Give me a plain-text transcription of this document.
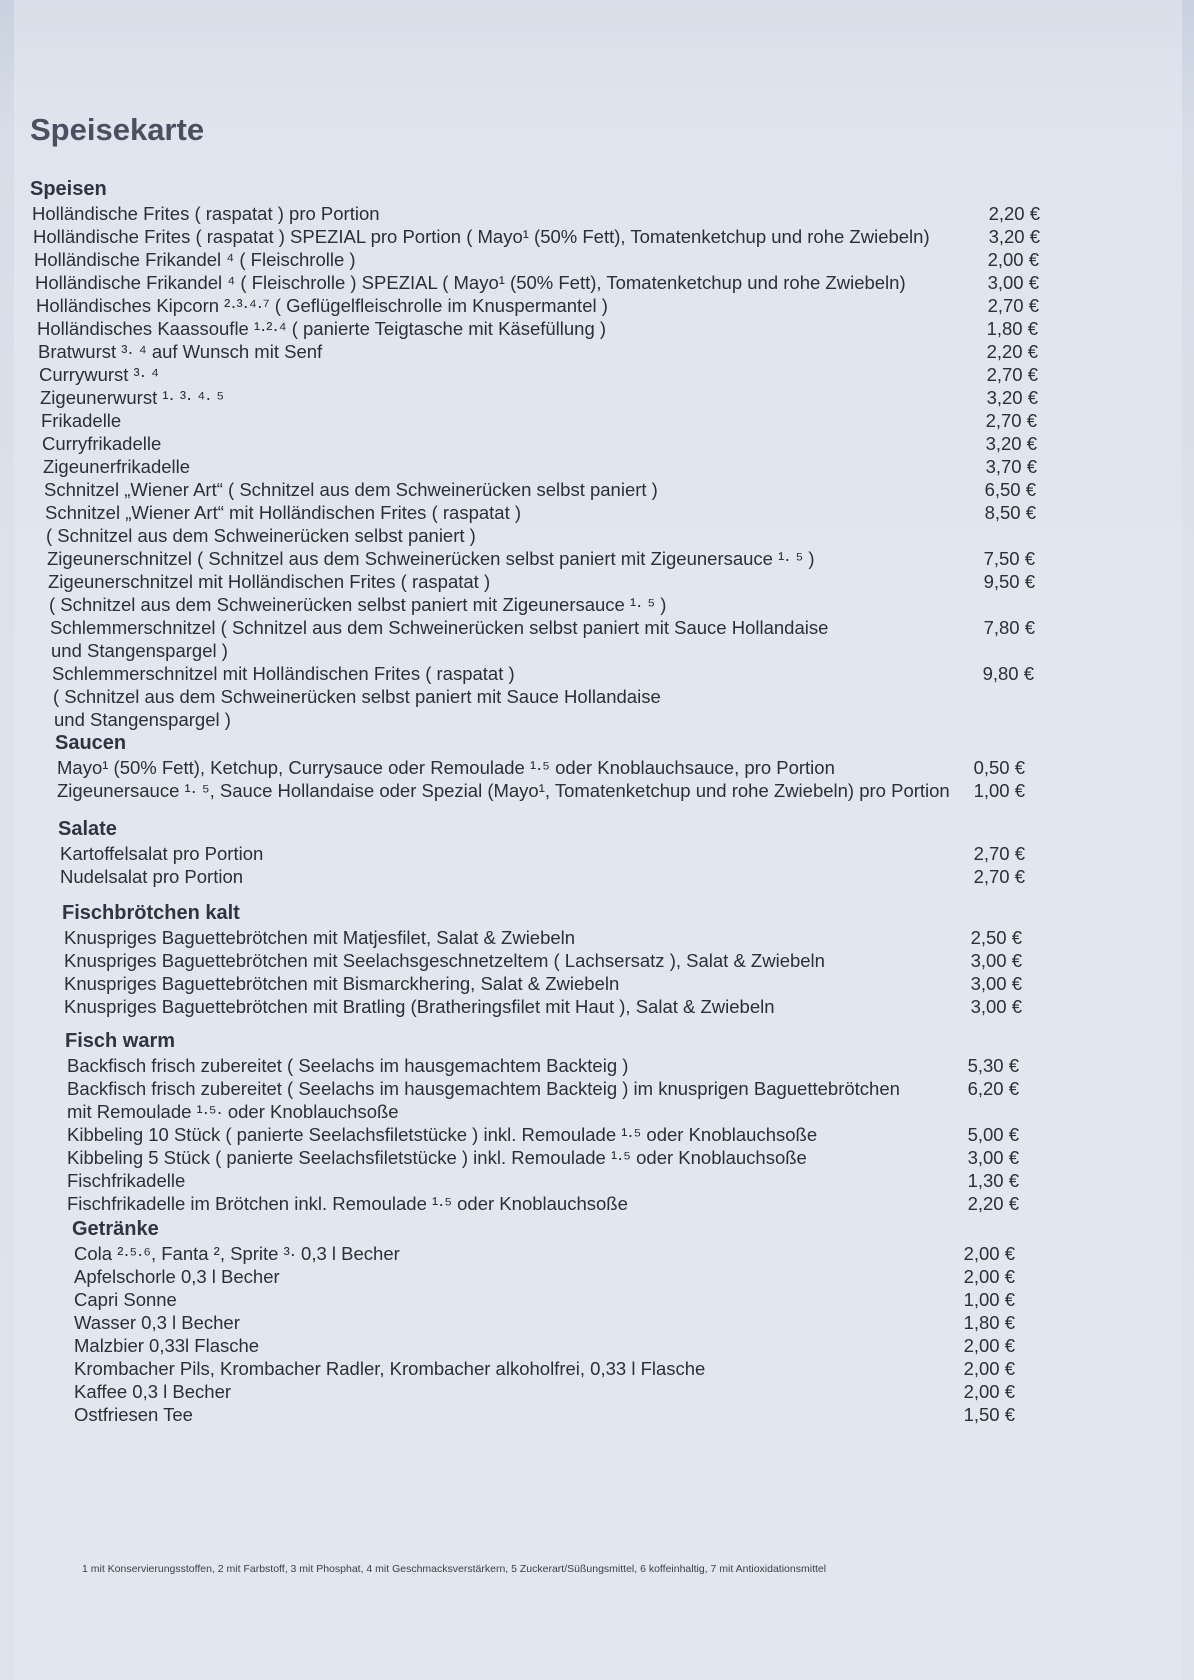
Speisekarte
Speisen
Holländische Frites ( raspatat ) pro Portion	2,20 €
Holländische Frites ( raspatat ) SPEZIAL pro Portion ( Mayo¹ (50% Fett), Tomatenketchup und rohe Zwiebeln)	3,20 €
Holländische Frikandel ⁴ ( Fleischrolle )	2,00 €
Holländische Frikandel ⁴ ( Fleischrolle ) SPEZIAL ( Mayo¹ (50% Fett), Tomatenketchup und rohe Zwiebeln)	3,00 €
Holländisches Kipcorn ²·³·⁴·⁷ ( Geflügelfleischrolle im Knuspermantel )	2,70 €
Holländisches Kaassoufle ¹·²·⁴ ( panierte Teigtasche mit Käsefüllung )	1,80 €
Bratwurst ³· ⁴ auf Wunsch mit Senf	2,20 €
Currywurst ³· ⁴	2,70 €
Zigeunerwurst ¹· ³· ⁴· ⁵	3,20 €
Frikadelle	2,70 €
Curryfrikadelle	3,20 €
Zigeunerfrikadelle	3,70 €
Schnitzel „Wiener Art“ ( Schnitzel aus dem Schweinerücken selbst paniert )	6,50 €
Schnitzel „Wiener Art“ mit Holländischen Frites ( raspatat )	8,50 €
( Schnitzel aus dem Schweinerücken selbst paniert )
Zigeunerschnitzel ( Schnitzel aus dem Schweinerücken selbst paniert mit Zigeunersauce ¹· ⁵ )	7,50 €
Zigeunerschnitzel mit Holländischen Frites ( raspatat )	9,50 €
( Schnitzel aus dem Schweinerücken selbst paniert mit Zigeunersauce ¹· ⁵ )
Schlemmerschnitzel ( Schnitzel aus dem Schweinerücken selbst paniert mit Sauce Hollandaise	7,80 €
und Stangenspargel )
Schlemmerschnitzel mit Holländischen Frites ( raspatat )	9,80 €
( Schnitzel aus dem Schweinerücken selbst paniert mit Sauce Hollandaise
und Stangenspargel )
Saucen
Mayo¹ (50% Fett), Ketchup, Currysauce oder Remoulade ¹·⁵ oder Knoblauchsauce, pro Portion	0,50 €
Zigeunersauce ¹· ⁵, Sauce Hollandaise oder Spezial (Mayo¹, Tomatenketchup und rohe Zwiebeln) pro Portion	1,00 €
Salate
Kartoffelsalat pro Portion	2,70 €
Nudelsalat pro Portion	2,70 €
Fischbrötchen kalt
Knuspriges Baguettebrötchen mit Matjesfilet, Salat & Zwiebeln	2,50 €
Knuspriges Baguettebrötchen mit Seelachsgeschnetzeltem ( Lachsersatz ), Salat & Zwiebeln	3,00 €
Knuspriges Baguettebrötchen mit Bismarckhering, Salat & Zwiebeln	3,00 €
Knuspriges Baguettebrötchen mit Bratling (Bratheringsfilet mit Haut ), Salat & Zwiebeln	3,00 €
Fisch warm
Backfisch frisch zubereitet ( Seelachs im hausgemachtem Backteig )	5,30 €
Backfisch frisch zubereitet ( Seelachs im hausgemachtem Backteig ) im knusprigen Baguettebrötchen	6,20 €
mit Remoulade ¹·⁵· oder Knoblauchsoße
Kibbeling 10 Stück ( panierte Seelachsfiletstücke ) inkl. Remoulade ¹·⁵ oder Knoblauchsoße	5,00 €
Kibbeling 5 Stück ( panierte Seelachsfiletstücke ) inkl. Remoulade ¹·⁵ oder Knoblauchsoße	3,00 €
Fischfrikadelle	1,30 €
Fischfrikadelle im Brötchen inkl. Remoulade ¹·⁵ oder Knoblauchsoße	2,20 €
Getränke
Cola ²·⁵·⁶, Fanta ², Sprite ³· 0,3 l Becher	2,00 €
Apfelschorle 0,3 l Becher	2,00 €
Capri Sonne	1,00 €
Wasser 0,3 l Becher	1,80 €
Malzbier 0,33l Flasche	2,00 €
Krombacher Pils, Krombacher Radler, Krombacher alkoholfrei, 0,33 l Flasche	2,00 €
Kaffee 0,3 l Becher	2,00 €
Ostfriesen Tee	1,50 €
1 mit Konservierungsstoffen, 2 mit Farbstoff, 3 mit Phosphat, 4 mit Geschmacksverstärkern, 5 Zuckerart/Süßungsmittel, 6 koffeinhaltig, 7 mit Antioxidationsmittel
